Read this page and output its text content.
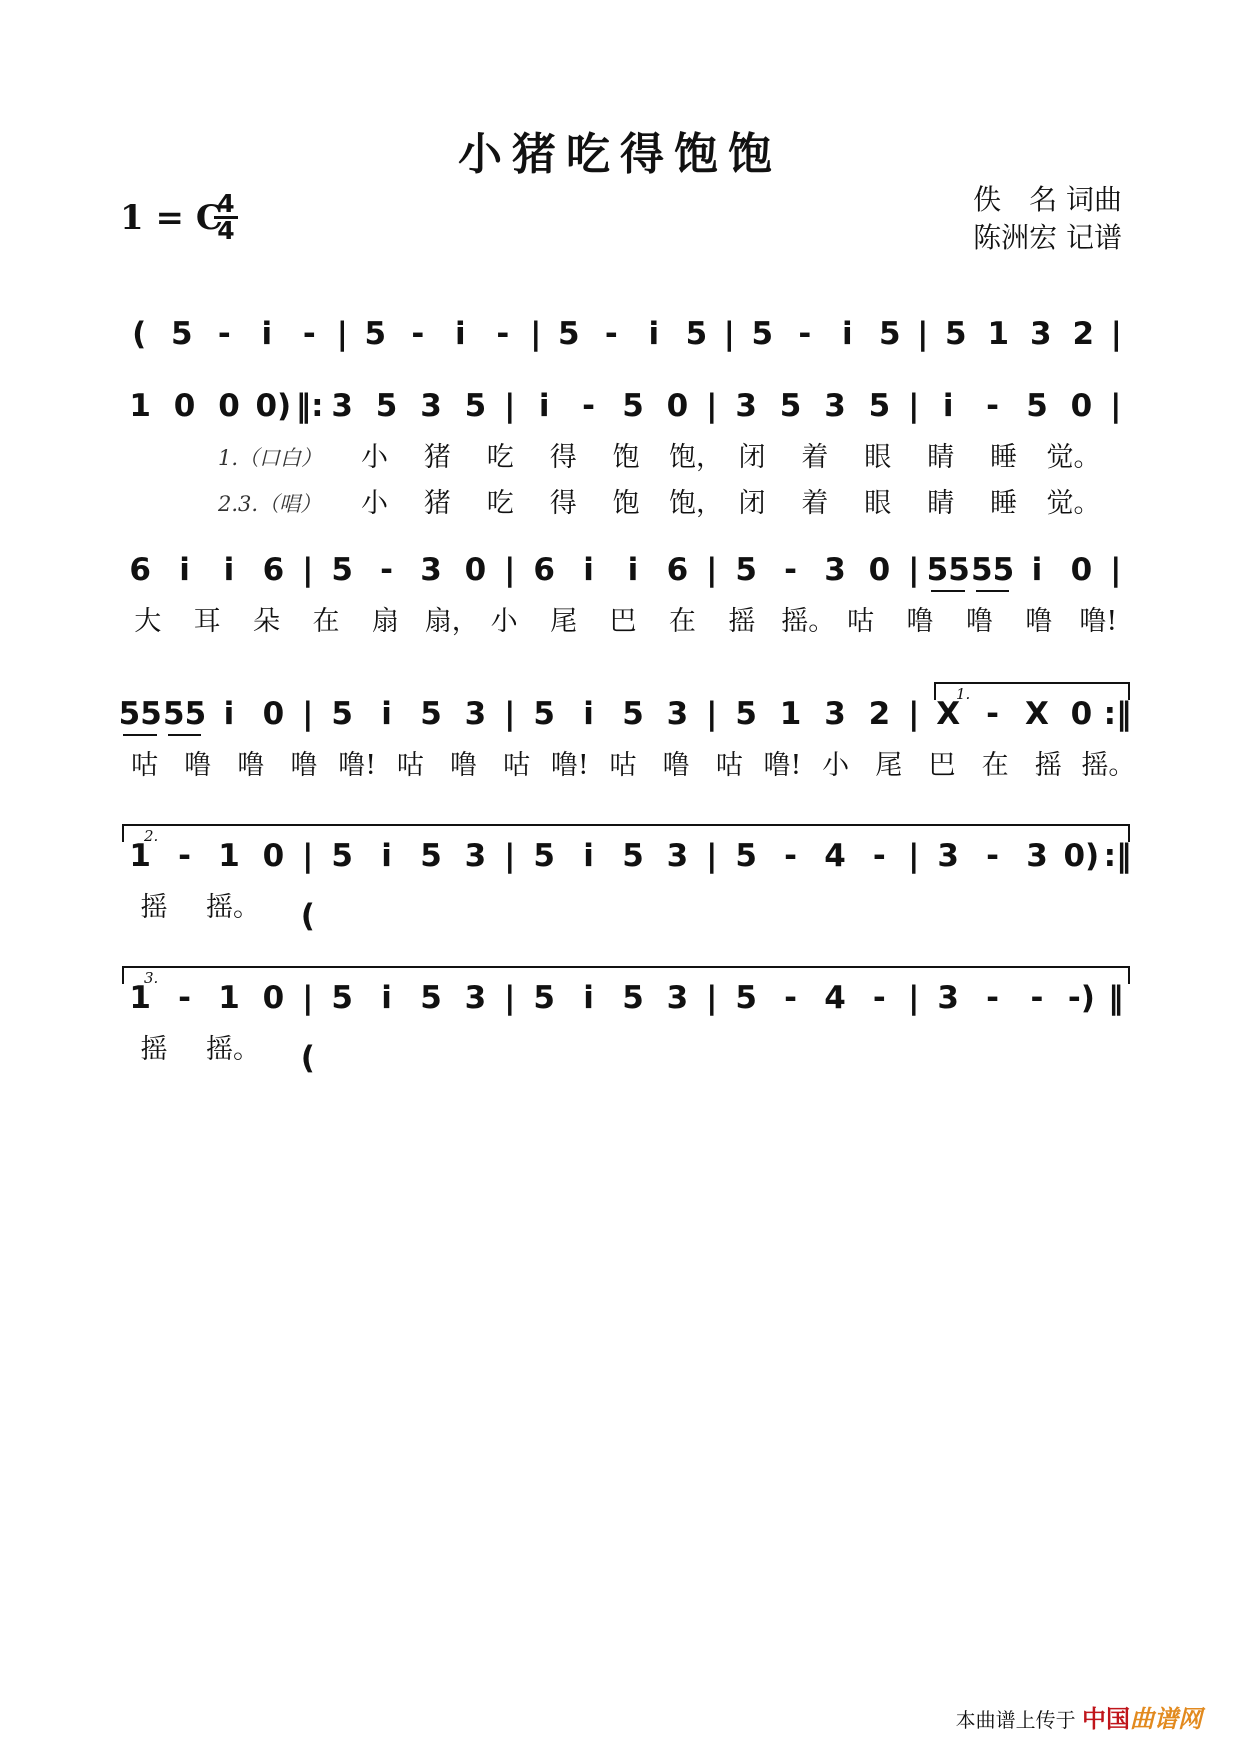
小猪吃得饱饱
1 = C
4
4
佚　名 词曲
陈洲宏 记谱
( 5 - i - | 5 - i - | 5 - i 5 | 5 - i 5 | 5 1 3 2 |
1 0 0 0) ‖: 3 5 3 5 | i	- 5 0 | 3 5 3 5 | i	- 5 0 |
6 i	i 6 | 5 - 3 0 | 6 i	i 6 | 5 - 3 0 | 55 55 i 0 |
55 55 i 0 | 5 i 5 3 | 5 i 5 3 | 5 1 3 2 | X - X 0 :‖
1 - 1 0 |(
5 i 5 3 | 5 i 5 3 | 5 - 4 - | 3 - 3 0) :‖
1 - 1 0 |(
5 i 5 3 | 5 i 5 3 | 5 - 4 - | 3 -	- -) ‖
1.（口白） 小 猪 吃 得 饱 饱， 闭 着 眼 睛 睡 觉。
2.3.（唱） 小 猪 吃 得 饱 饱， 闭 着 眼 睛 睡 觉。
大 耳 朵 在 扇 扇， 小 尾 巴 在 摇 摇。 咕 噜 噜 噜 噜!
咕 噜 噜 噜 噜! 咕 噜 咕 噜! 咕 噜 咕 噜! 小 尾 巴 在 摇 摇。
摇 摇。
摇 摇。
1.
2.
3.
本曲谱上传于 中国曲谱网
